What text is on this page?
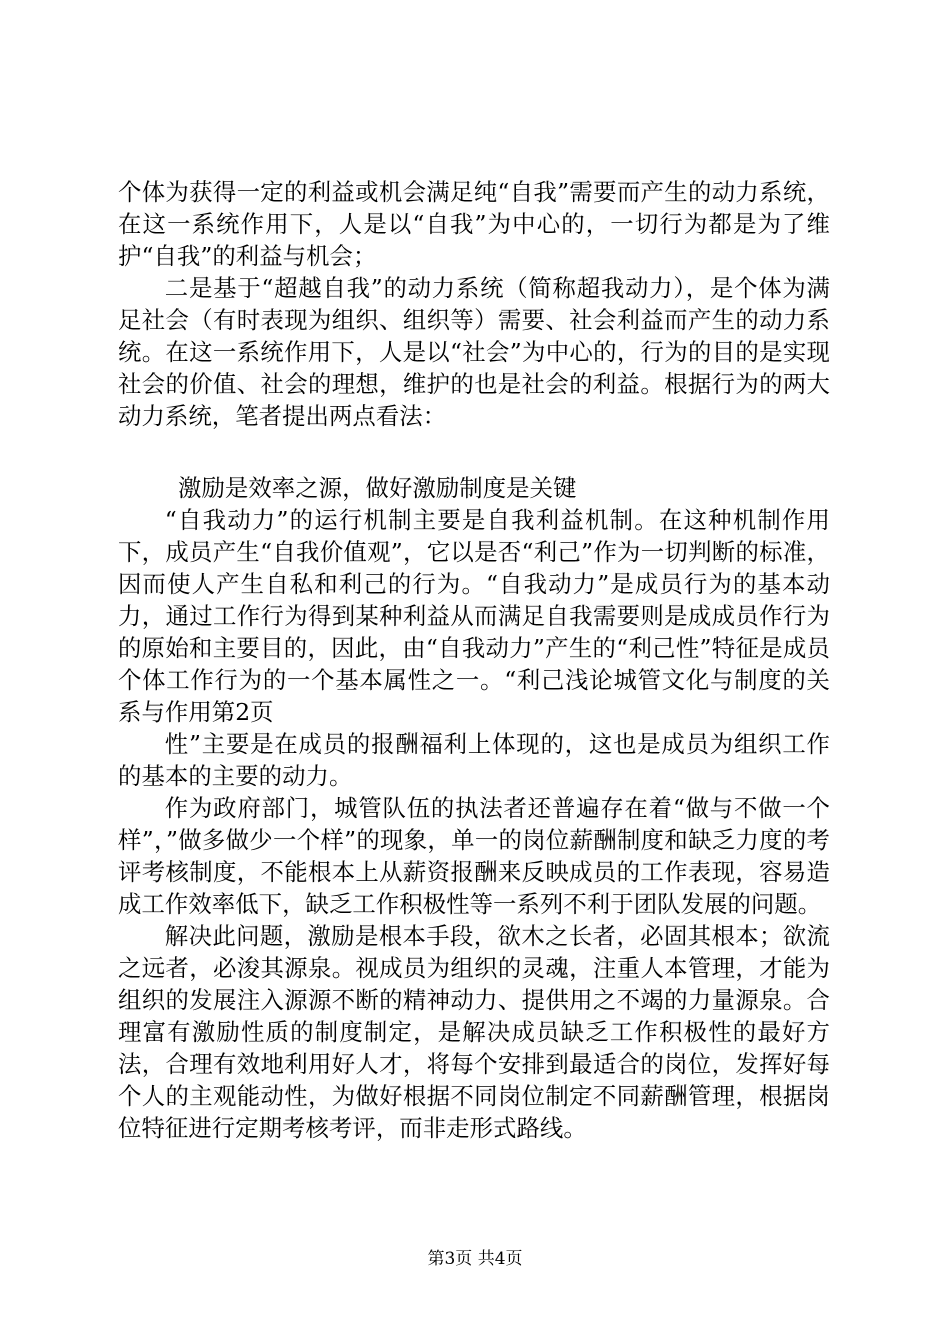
个体为获得一定的利益或机会满足纯“自我”需要而产生的动力系统，在这一系统作用下，人是以“自我”为中心的，一切行为都是为了维护“自我”的利益与机会；

二是基于“超越自我”的动力系统（简称超我动力），是个体为满足社会（有时表现为组织、组织等）需要、社会利益而产生的动力系统。在这一系统作用下，人是以“社会”为中心的，行为的目的是实现社会的价值、社会的理想，维护的也是社会的利益。根据行为的两大动力系统，笔者提出两点看法：

激励是效率之源，做好激励制度是关键

“自我动力”的运行机制主要是自我利益机制。在这种机制作用下，成员产生“自我价值观”，它以是否“利己”作为一切判断的标准，因而使人产生自私和利己的行为。“自我动力”是成员行为的基本动力，通过工作行为得到某种利益从而满足自我需要则是成成员作行为的原始和主要目的，因此，由“自我动力”产生的“利己性”特征是成员个体工作行为的一个基本属性之一。“利己浅论城管文化与制度的关系与作用第2页

性”主要是在成员的报酬福利上体现的，这也是成员为组织工作的基本的主要的动力。

作为政府部门，城管队伍的执法者还普遍存在着“做与不做一个样”，”做多做少一个样”的现象，单一的岗位薪酬制度和缺乏力度的考评考核制度，不能根本上从薪资报酬来反映成员的工作表现，容易造成工作效率低下，缺乏工作积极性等一系列不利于团队发展的问题。

解决此问题，激励是根本手段，欲木之长者，必固其根本；欲流之远者，必浚其源泉。视成员为组织的灵魂，注重人本管理，才能为组织的发展注入源源不断的精神动力、提供用之不竭的力量源泉。合理富有激励性质的制度制定，是解决成员缺乏工作积极性的最好方法，合理有效地利用好人才，将每个安排到最适合的岗位，发挥好每个人的主观能动性，为做好根据不同岗位制定不同薪酬管理，根据岗位特征进行定期考核考评，而非走形式路线。

第3页 共4页
